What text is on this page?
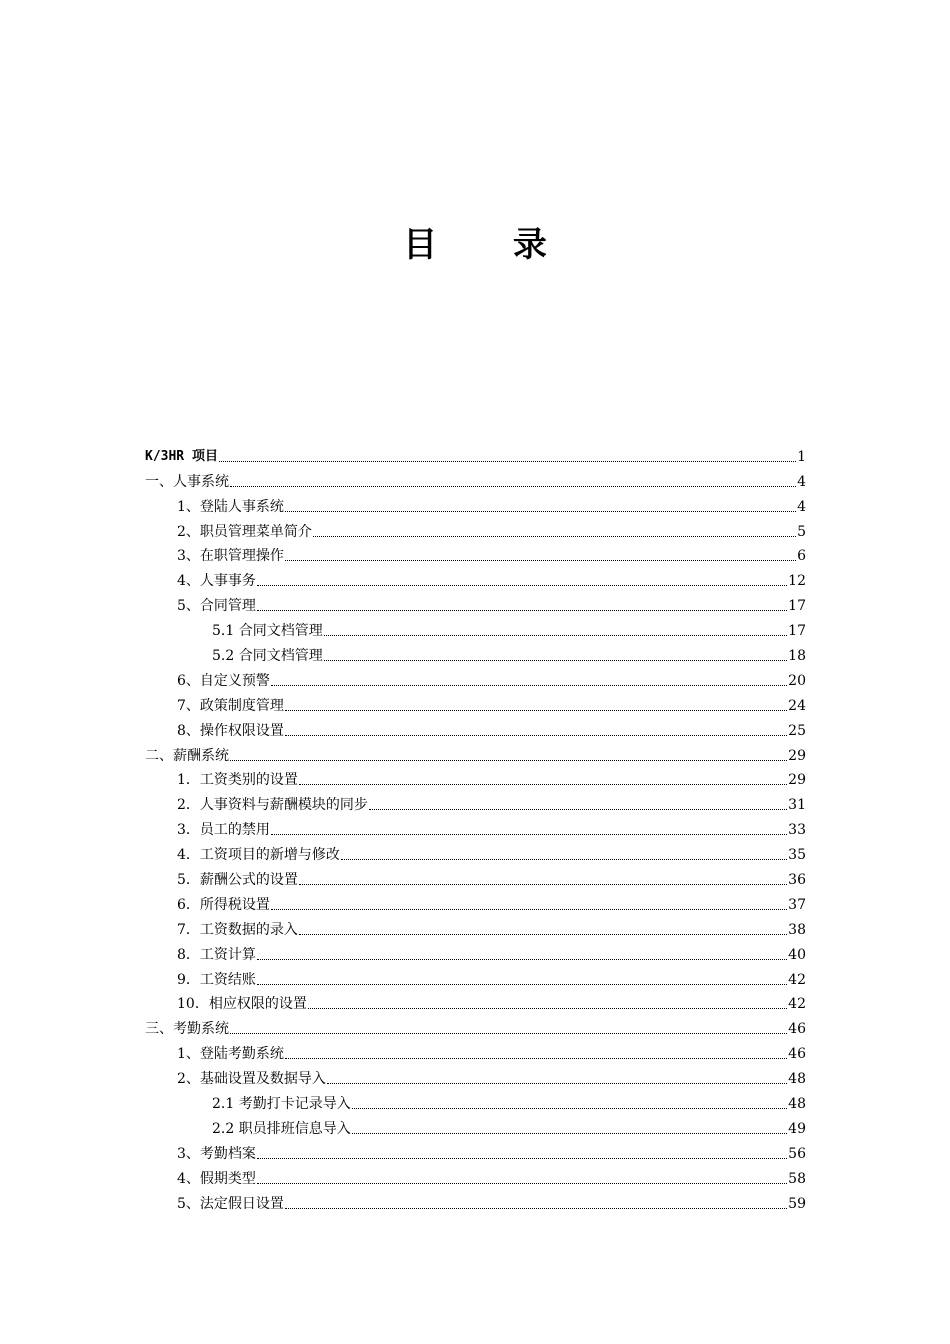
目 录
K/3HR 项目	1
一、人事系统	4
1、登陆人事系统	4
2、职员管理菜单简介	5
3、在职管理操作	6
4、人事事务	12
5、合同管理	17
5.1 合同文档管理	17
5.2 合同文档管理	18
6、自定义预警	20
7、政策制度管理	24
8、操作权限设置	25
二、薪酬系统	29
1．工资类别的设置	29
2．人事资料与薪酬模块的同步	31
3．员工的禁用	33
4．工资项目的新增与修改	35
5．薪酬公式的设置	36
6．所得税设置	37
7．工资数据的录入	38
8．工资计算	40
9．工资结账	42
10．相应权限的设置	42
三、考勤系统	46
1、登陆考勤系统	46
2、基础设置及数据导入	48
2.1 考勤打卡记录导入	48
2.2 职员排班信息导入	49
3、考勤档案	56
4、假期类型	58
5、法定假日设置	59
